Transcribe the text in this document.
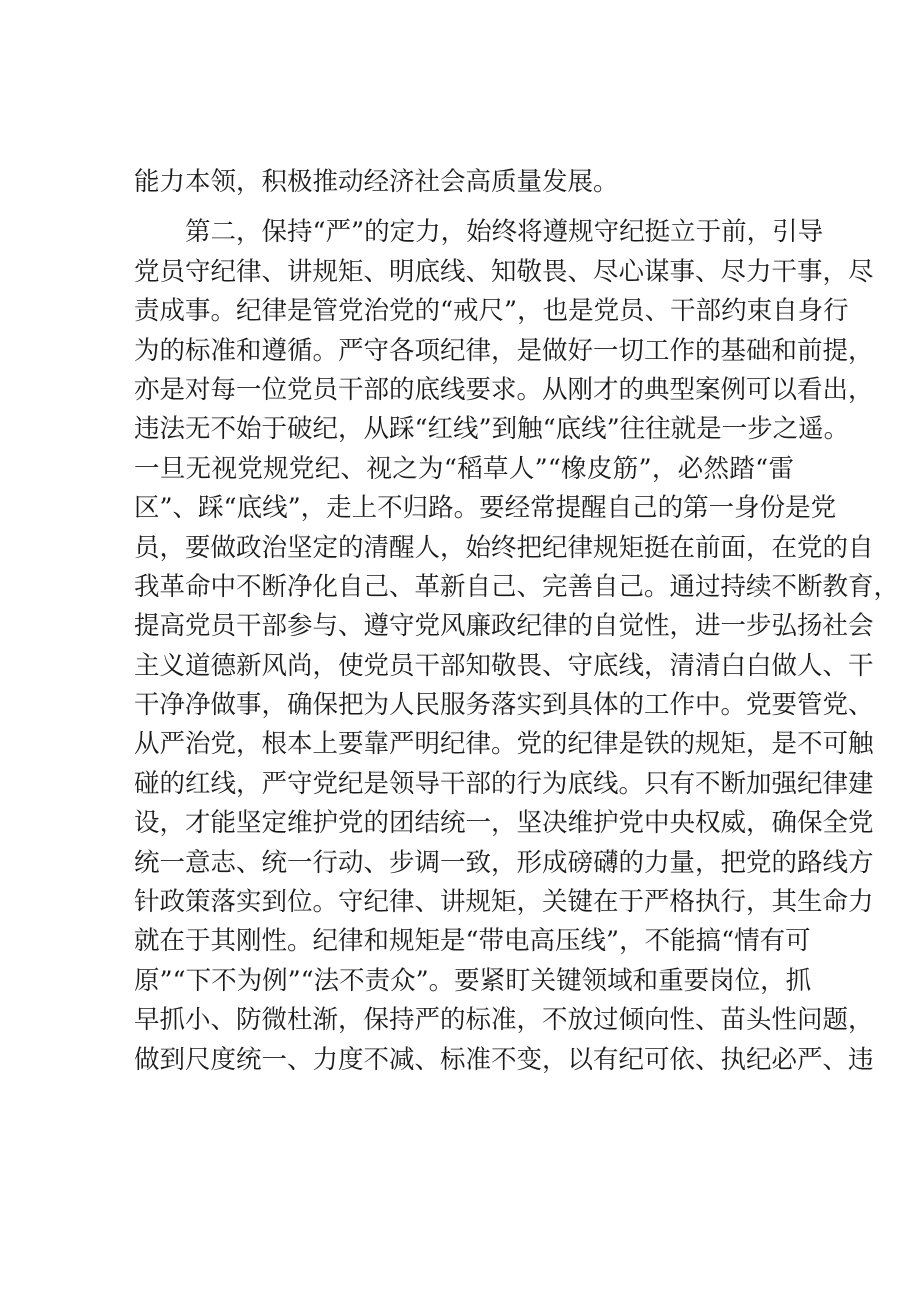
能力本领，积极推动经济社会高质量发展。
第二，保持“严”的定力，始终将遵规守纪挺立于前，引导
党员守纪律、讲规矩、明底线、知敬畏、尽心谋事、尽力干事，尽
责成事。纪律是管党治党的“戒尺”，也是党员、干部约束自身行
为的标准和遵循。严守各项纪律，是做好一切工作的基础和前提，
亦是对每一位党员干部的底线要求。从刚才的典型案例可以看出，
违法无不始于破纪，从踩“红线”到触“底线”往往就是一步之遥。
一旦无视党规党纪、视之为“稻草人”“橡皮筋”，必然踏“雷
区”、踩“底线”，走上不归路。要经常提醒自己的第一身份是党
员，要做政治坚定的清醒人，始终把纪律规矩挺在前面，在党的自
我革命中不断净化自己、革新自己、完善自己。通过持续不断教育，
提高党员干部参与、遵守党风廉政纪律的自觉性，进一步弘扬社会
主义道德新风尚，使党员干部知敬畏、守底线，清清白白做人、干
干净净做事，确保把为人民服务落实到具体的工作中。党要管党、
从严治党，根本上要靠严明纪律。党的纪律是铁的规矩，是不可触
碰的红线，严守党纪是领导干部的行为底线。只有不断加强纪律建
设，才能坚定维护党的团结统一，坚决维护党中央权威，确保全党
统一意志、统一行动、步调一致，形成磅礴的力量，把党的路线方
针政策落实到位。守纪律、讲规矩，关键在于严格执行，其生命力
就在于其刚性。纪律和规矩是“带电高压线”，不能搞“情有可
原”“下不为例”“法不责众”。要紧盯关键领域和重要岗位，抓
早抓小、防微杜渐，保持严的标准，不放过倾向性、苗头性问题，
做到尺度统一、力度不减、标准不变，以有纪可依、执纪必严、违
